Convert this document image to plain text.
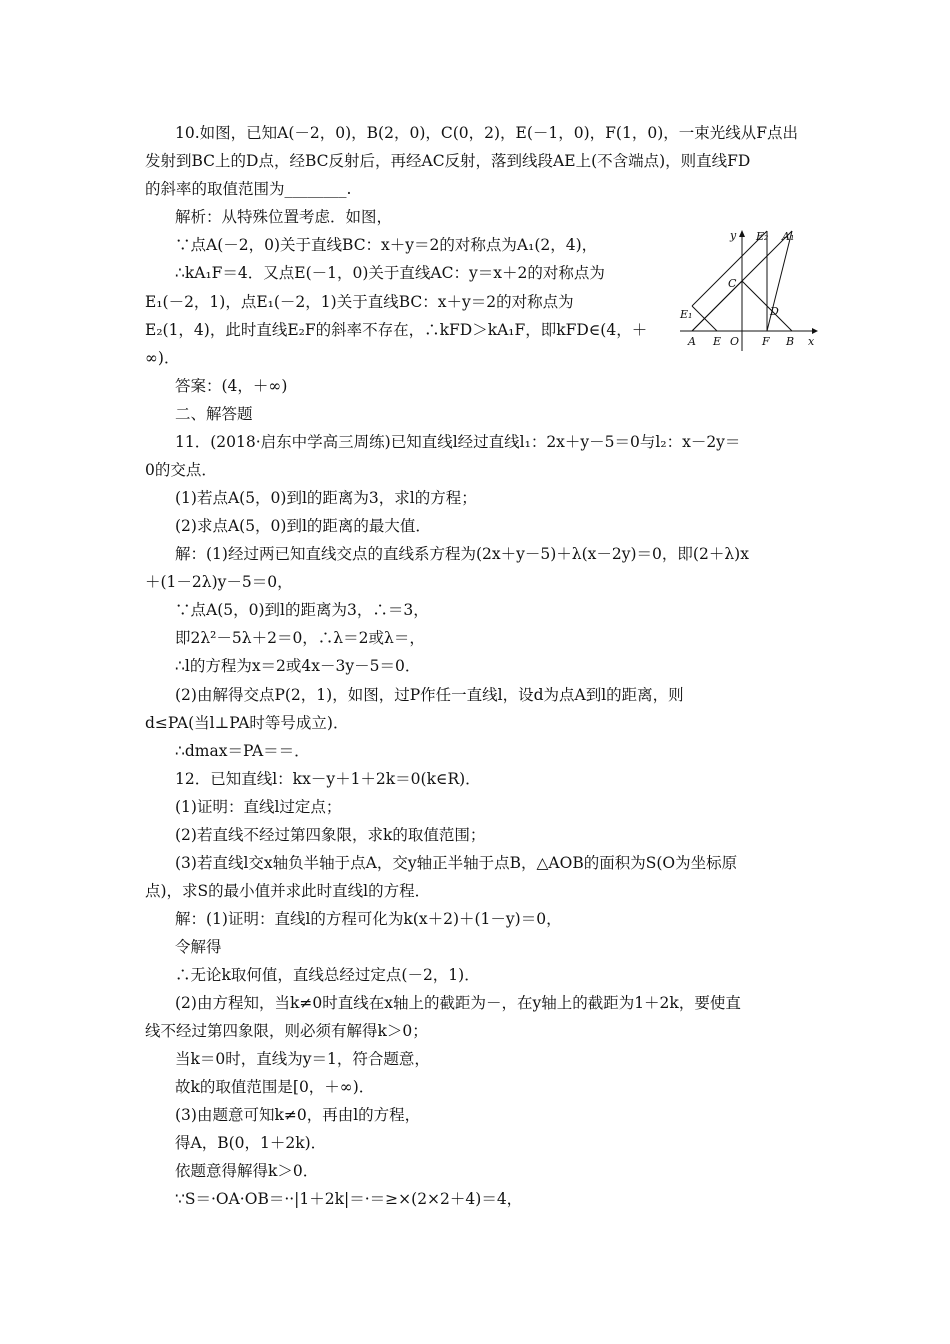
10.如图，已知A(－2，0)，B(2，0)，C(0，2)，E(－1，0)，F(1，0)，一束光线从F点出
发射到BC上的D点，经BC反射后，再经AC反射，落到线段AE上(不含端点)，则直线FD
的斜率的取值范围为________.
解析：从特殊位置考虑．如图，
∵点A(－2，0)关于直线BC：x＋y＝2的对称点为A₁(2，4)，
∴kA₁F＝4．又点E(－1，0)关于直线AC：y＝x＋2的对称点为
E₁(－2，1)，点E₁(－2，1)关于直线BC：x＋y＝2的对称点为
E₂(1，4)，此时直线E₂F的斜率不存在，∴kFD＞kA₁F，即kFD∈(4，＋
∞)．
答案：(4，＋∞)
二、解答题
11．(2018·启东中学高三周练)已知直线l经过直线l₁：2x＋y－5＝0与l₂：x－2y＝
0的交点．
(1)若点A(5，0)到l的距离为3，求l的方程；
(2)求点A(5，0)到l的距离的最大值．
解：(1)经过两已知直线交点的直线系方程为(2x＋y－5)＋λ(x－2y)＝0，即(2＋λ)x
＋(1－2λ)y－5＝0，
∵点A(5，0)到l的距离为3，∴＝3，
即2λ²－5λ＋2＝0，∴λ＝2或λ＝，
∴l的方程为x＝2或4x－3y－5＝0．
(2)由解得交点P(2，1)，如图，过P作任一直线l，设d为点A到l的距离，则
d≤PA(当l⊥PA时等号成立)．
∴dmax＝PA＝＝．
12．已知直线l：kx－y＋1＋2k＝0(k∈R)．
(1)证明：直线l过定点；
(2)若直线不经过第四象限，求k的取值范围；
(3)若直线l交x轴负半轴于点A，交y轴正半轴于点B，△AOB的面积为S(O为坐标原
点)，求S的最小值并求此时直线l的方程．
解：(1)证明：直线l的方程可化为k(x＋2)＋(1－y)＝0，
令解得
∴无论k取何值，直线总经过定点(－2，1)．
(2)由方程知，当k≠0时直线在x轴上的截距为－，在y轴上的截距为1＋2k，要使直
线不经过第四象限，则必须有解得k＞0；
当k＝0时，直线为y＝1，符合题意，
故k的取值范围是[0，＋∞)．
(3)由题意可知k≠0，再由l的方程，
得A，B(0，1＋2k)．
依题意得解得k＞0．
∵S＝·OA·OB＝··|1＋2k|＝·＝≥×(2×2＋4)＝4，
y
x
E₂ A₁
C
D
E₁
A E O F B
